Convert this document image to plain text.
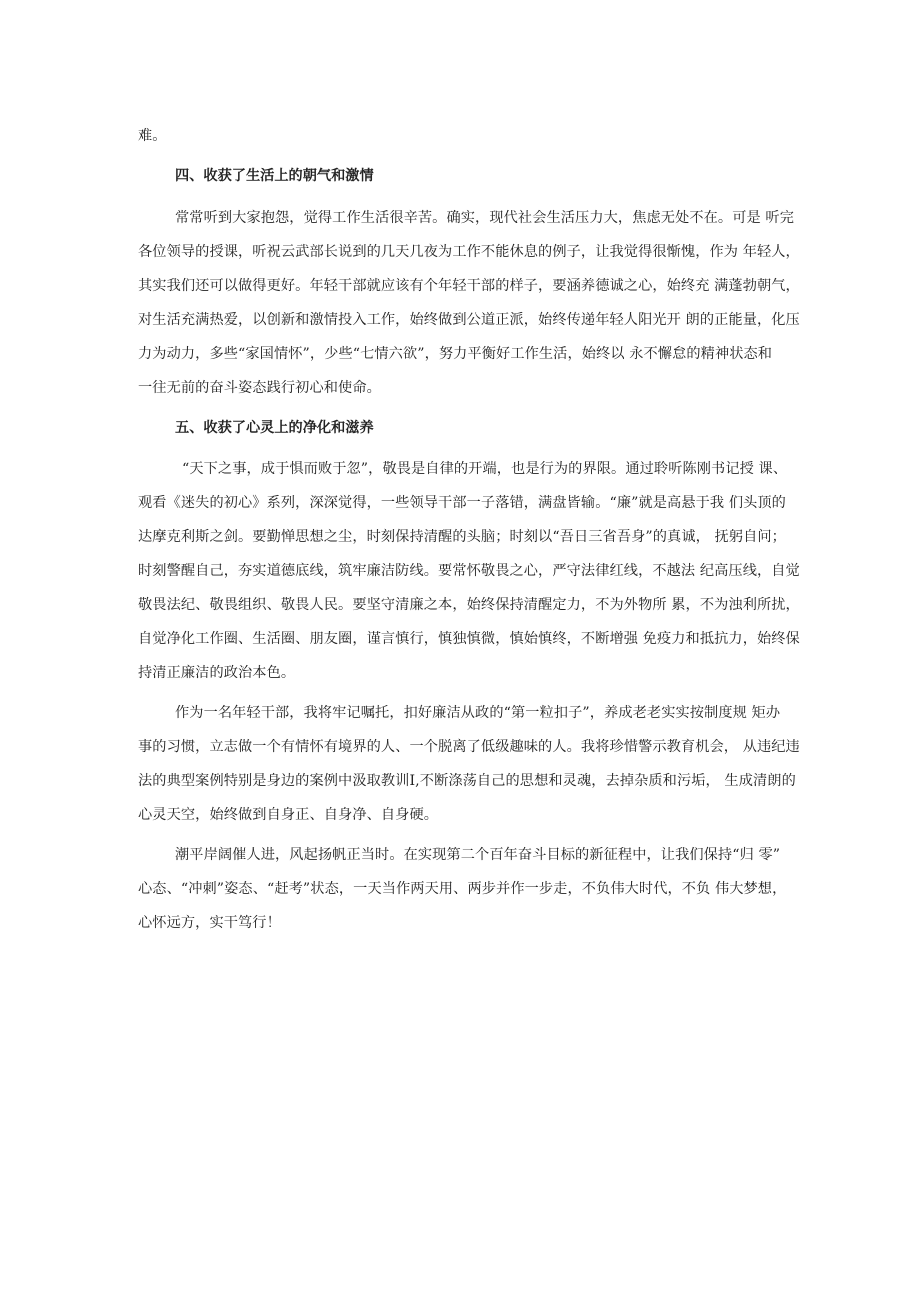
难。
四、收获了生活上的朝气和激情
常常听到大家抱怨，觉得工作生活很辛苦。确实，现代社会生活压力大，焦虑无处不在。可是 听完
各位领导的授课，听祝云武部长说到的几天几夜为工作不能休息的例子，让我觉得很惭愧，作为 年轻人，
其实我们还可以做得更好。年轻干部就应该有个年轻干部的样子，要涵养德诚之心，始终充 满蓬勃朝气，
对生活充满热爱，以创新和激情投入工作，始终做到公道正派，始终传递年轻人阳光开 朗的正能量，化压
力为动力，多些“家国情怀”，少些“七情六欲”，努力平衡好工作生活，始终以 永不懈怠的精神状态和
一往无前的奋斗姿态践行初心和使命。
五、收获了心灵上的净化和滋养
“天下之事，成于惧而败于忽”，敬畏是自律的开端，也是行为的界限。通过聆听陈刚书记授 课、
观看《迷失的初心》系列，深深觉得，一些领导干部一子落错，满盘皆输。“廉”就是高悬于我 们头顶的
达摩克利斯之剑。要勤惮思想之尘，时刻保持清醒的头脑；时刻以“吾日三省吾身”的真诚， 抚躬自问；
时刻警醒自己，夯实道德底线，筑牢廉洁防线。要常怀敬畏之心，严守法律红线，不越法 纪高压线，自觉
敬畏法纪、敬畏组织、敬畏人民。要坚守清廉之本，始终保持清醒定力，不为外物所 累，不为浊利所扰，
自觉净化工作圈、生活圈、朋友圈，谨言慎行，慎独慎微，慎始慎终，不断增强 免疫力和抵抗力，始终保
持清正廉洁的政治本色。
作为一名年轻干部，我将牢记嘱托，扣好廉洁从政的“第一粒扣子”，养成老老实实按制度规 矩办
事的习惯，立志做一个有情怀有境界的人、一个脱离了低级趣味的人。我将珍惜警示教育机会， 从违纪违
法的典型案例特别是身边的案例中汲取教训I,不断涤荡自己的思想和灵魂，去掉杂质和污垢， 生成清朗的
心灵天空，始终做到自身正、自身净、自身硬。
潮平岸阔催人进，风起扬帆正当时。在实现第二个百年奋斗目标的新征程中，让我们保持“归 零”
心态、“冲刺”姿态、“赶考”状态，一天当作两天用、两步并作一步走，不负伟大时代，不负 伟大梦想，
心怀远方，实干笃行！
